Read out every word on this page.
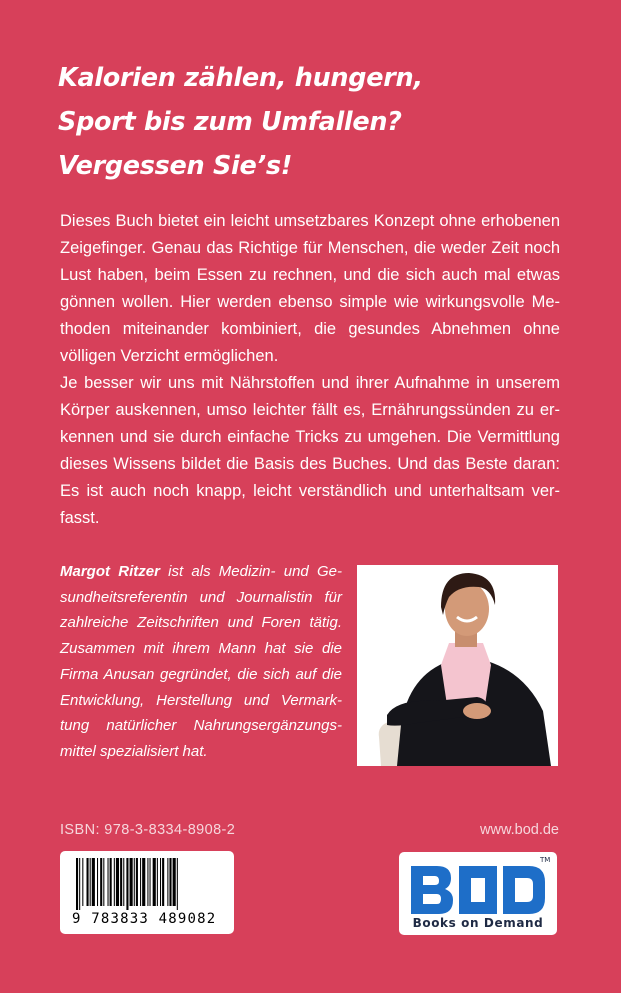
Kalorien zählen, hungern,
Sport bis zum Umfallen?
Vergessen Sie’s!

Dieses Buch bietet ein leicht umsetzbares Konzept ohne erhobenen Zeigefinger. Genau das Richtige für Menschen, die weder Zeit noch Lust haben, beim Essen zu rechnen, und die sich auch mal etwas gönnen wollen. Hier werden ebenso simple wie wirkungsvolle Methoden miteinander kombiniert, die gesundes Abnehmen ohne völligen Verzicht ermöglichen.

Je besser wir uns mit Nährstoffen und ihrer Aufnahme in unserem Körper auskennen, umso leichter fällt es, Ernährungssünden zu erkennen und sie durch einfache Tricks zu umgehen. Die Vermittlung dieses Wissens bildet die Basis des Buches. Und das Beste daran: Es ist auch noch knapp, leicht verständlich und unterhaltsam verfasst.

Margot Ritzer ist als Medizin- und Gesundheitsreferentin und Journalistin für zahlreiche Zeitschriften und Foren tätig. Zusammen mit ihrem Mann hat sie die Firma Anusan gegründet, die sich auf die Entwicklung, Herstellung und Vermarktung natürlicher Nahrungsergänzungsmittel spezialisiert hat.
ISBN: 978-3-8334-8908-2	www.bod.de
9 783833 489082
TM
Books on Demand
